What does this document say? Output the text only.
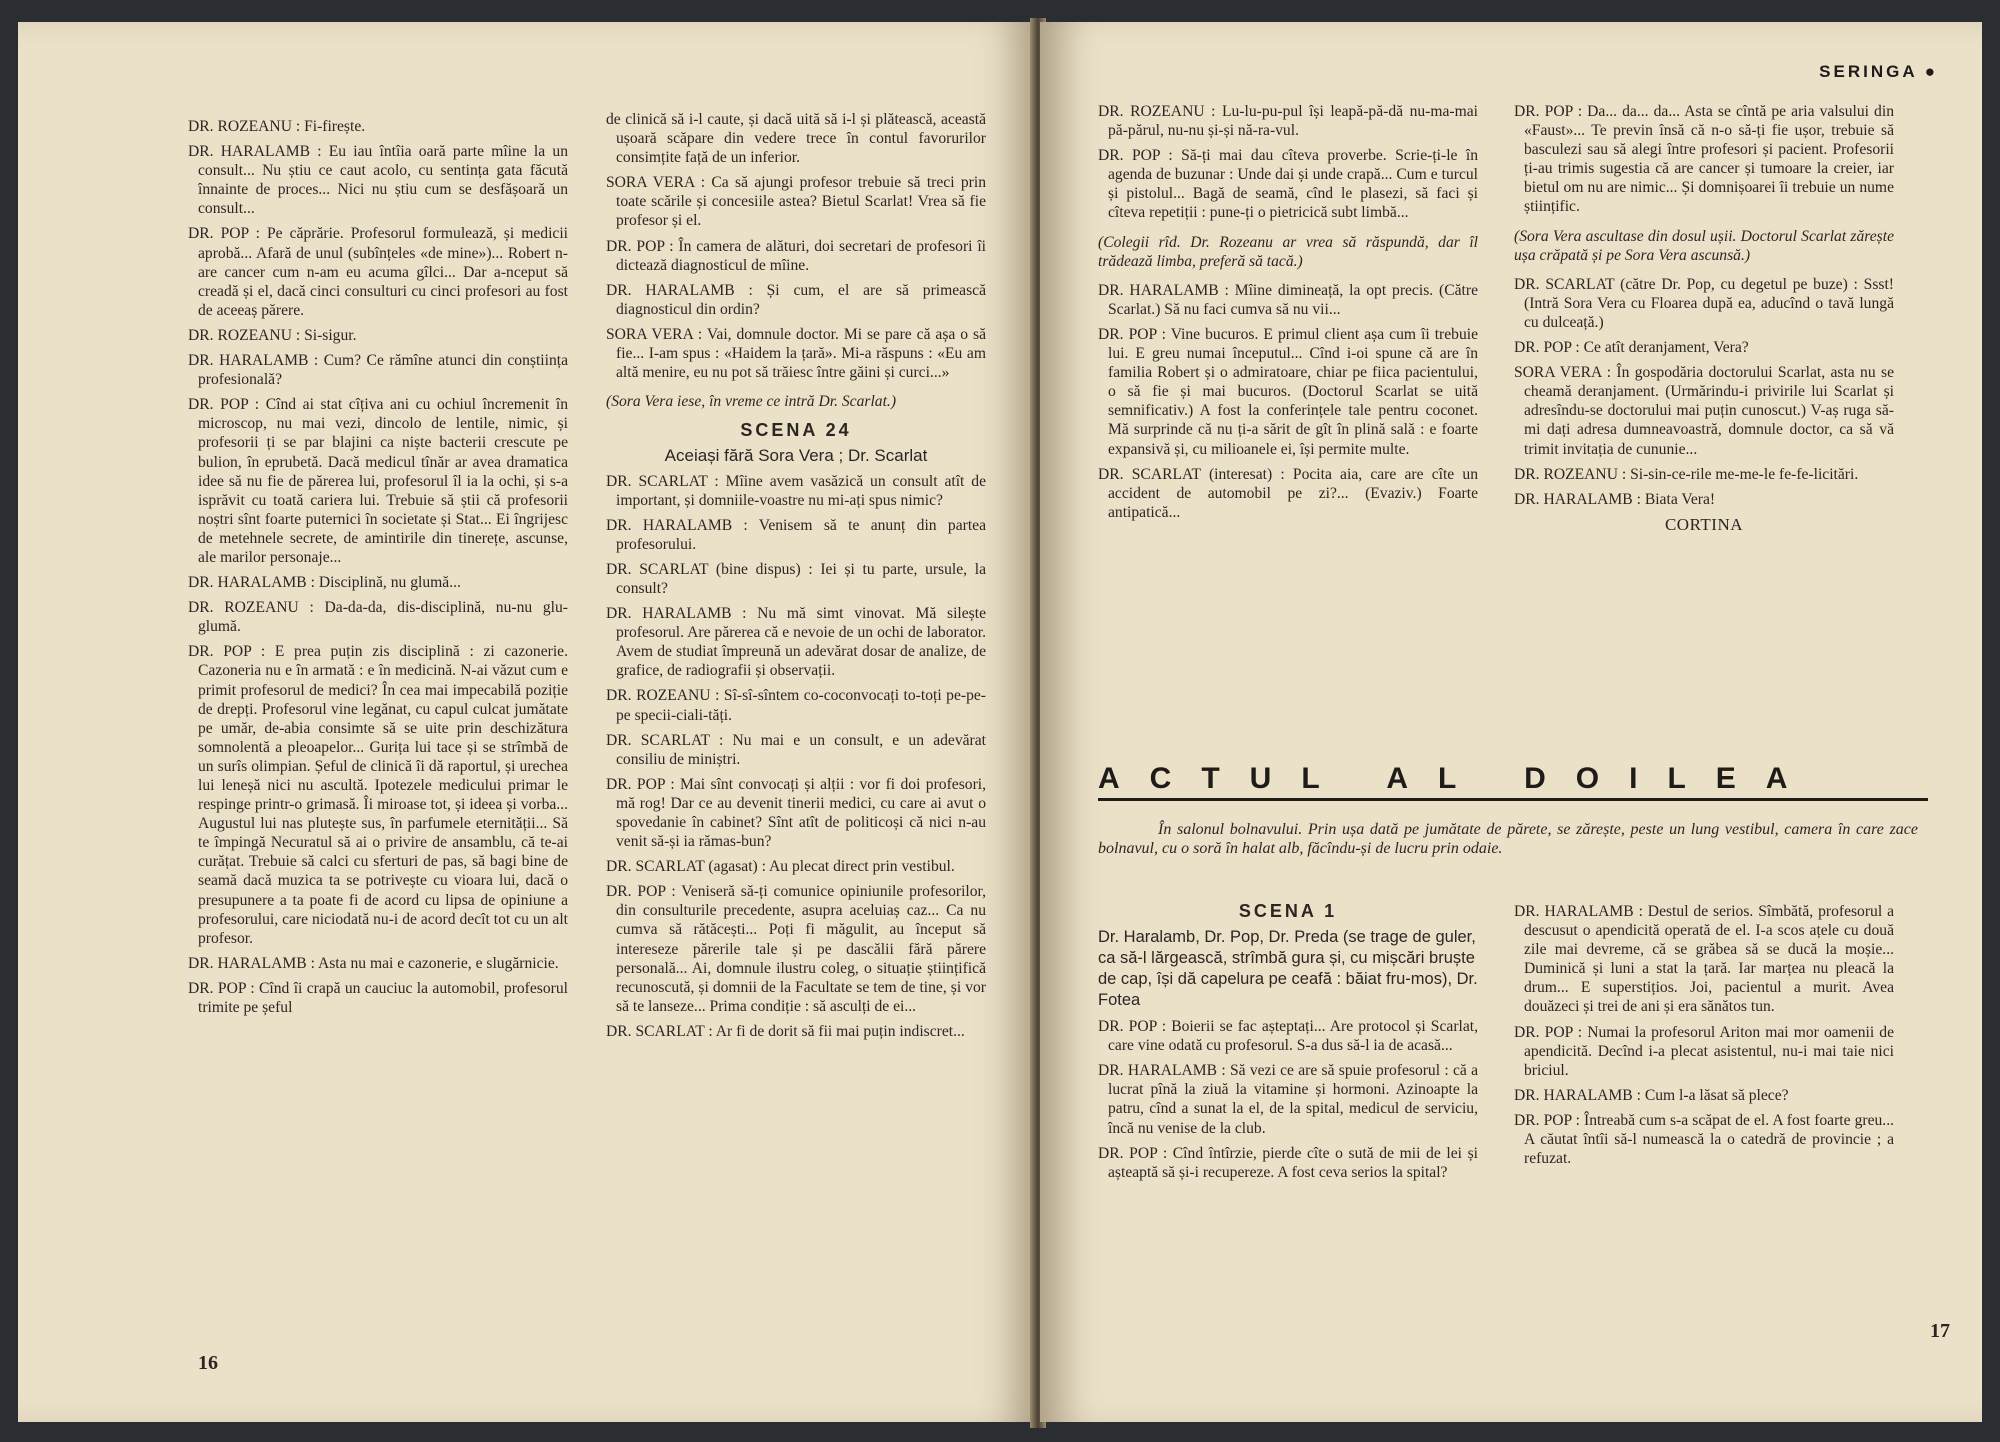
DR. ROZEANU : Fi-firește.

DR. HARALAMB : Eu iau întîia oară parte mîine la un consult... Nu știu ce caut acolo, cu sentința gata făcută înnainte de proces... Nici nu știu cum se desfășoară un consult...

DR. POP : Pe căprărie. Profesorul formulează, și medicii aprobă... Afară de unul (subînțeles «de mine»)... Robert n-are cancer cum n-am eu acuma gîlci... Dar a-nceput să creadă și el, dacă cinci consulturi cu cinci profesori au fost de aceeaș părere.

DR. ROZEANU : Si-sigur.

DR. HARALAMB : Cum? Ce rămîne atunci din conștiința profesională?

DR. POP : Cînd ai stat cîțiva ani cu ochiul încremenit în microscop, nu mai vezi, dincolo de lentile, nimic, și profesorii ți se par blajini ca niște bacterii crescute pe bulion, în eprubetă. Dacă medicul tînăr ar avea dramatica idee să nu fie de părerea lui, profesorul îl ia la ochi, și s-a isprăvit cu toată cariera lui. Trebuie să știi că profesorii noștri sînt foarte puternici în societate și Stat... Ei îngrijesc de metehnele secrete, de amintirile din tinerețe, ascunse, ale marilor personaje...

DR. HARALAMB : Disciplină, nu glumă...

DR. ROZEANU : Da-da-da, dis-disciplină, nu-nu glu-glumă.

DR. POP : E prea puțin zis disciplină : zi cazonerie. Cazoneria nu e în armată : e în medicină. N-ai văzut cum e primit profesorul de medici? În cea mai impecabilă poziție de drepți. Profesorul vine legănat, cu capul culcat jumătate pe umăr, de-abia consimte să se uite prin deschizătura somnolentă a pleoapelor... Gurița lui tace și se strîmbă de un surîs olimpian. Șeful de clinică îi dă raportul, și urechea lui leneșă nici nu ascultă. Ipotezele medicului primar le respinge printr-o grimasă. Îi miroase tot, și ideea și vorba... Augustul lui nas plutește sus, în parfumele eternității... Să te împingă Necuratul să ai o privire de ansamblu, că te-ai curățat. Trebuie să calci cu sferturi de pas, să bagi bine de seamă dacă muzica ta se potrivește cu vioara lui, dacă o presupunere a ta poate fi de acord cu lipsa de opiniune a profesorului, care niciodată nu-i de acord decît tot cu un alt profesor.

DR. HARALAMB : Asta nu mai e cazonerie, e slugărnicie.

DR. POP : Cînd îi crapă un cauciuc la automobil, profesorul trimite pe șeful

de clinică să i-l caute, și dacă uită să i-l și plătească, această ușoară scăpare din vedere trece în contul favorurilor consimțite față de un inferior.

SORA VERA : Ca să ajungi profesor trebuie să treci prin toate scările și concesiile astea? Bietul Scarlat! Vrea să fie profesor și el.

DR. POP : În camera de alături, doi secretari de profesori îi dictează diagnosticul de mîine.

DR. HARALAMB : Și cum, el are să primească diagnosticul din ordin?

SORA VERA : Vai, domnule doctor. Mi se pare că așa o să fie... I-am spus : «Haidem la țară». Mi-a răspuns : «Eu am altă menire, eu nu pot să trăiesc între găini și curci...»

(Sora Vera iese, în vreme ce intră Dr. Scarlat.)

SCENA 24

Aceiași fără Sora Vera ; Dr. Scarlat

DR. SCARLAT : Mîine avem vasăzică un consult atît de important, și domniile-voastre nu mi-ați spus nimic?

DR. HARALAMB : Venisem să te anunț din partea profesorului.

DR. SCARLAT (bine dispus) : Iei și tu parte, ursule, la consult?

DR. HARALAMB : Nu mă simt vinovat. Mă silește profesorul. Are părerea că e nevoie de un ochi de laborator. Avem de studiat împreună un adevărat dosar de analize, de grafice, de radiografii și observații.

DR. ROZEANU : Sî-sî-sîntem co-coconvocați to-toți pe-pe-pe specii-ciali-tăți.

DR. SCARLAT : Nu mai e un consult, e un adevărat consiliu de miniștri.

DR. POP : Mai sînt convocați și alții : vor fi doi profesori, mă rog! Dar ce au devenit tinerii medici, cu care ai avut o spovedanie în cabinet? Sînt atît de politicoși că nici n-au venit să-și ia rămas-bun?

DR. SCARLAT (agasat) : Au plecat direct prin vestibul.

DR. POP : Veniseră să-ți comunice opiniunile profesorilor, din consulturile precedente, asupra aceluiaș caz... Ca nu cumva să rătăcești... Poți fi măgulit, au început să intereseze părerile tale și pe dascălii fără părere personală... Ai, domnule ilustru coleg, o situație științifică recunoscută, și domnii de la Facultate se tem de tine, și vor să te lanseze... Prima condiție : să asculți de ei...

DR. SCARLAT : Ar fi de dorit să fii mai puțin indiscret...

16
SERINGA ●

DR. ROZEANU : Lu-lu-pu-pul își leapă-pă-dă nu-ma-mai pă-părul, nu-nu și-și nă-ra-vul.

DR. POP : Să-ți mai dau cîteva proverbe. Scrie-ți-le în agenda de buzunar : Unde dai și unde crapă... Cum e turcul și pistolul... Bagă de seamă, cînd le plasezi, să faci și cîteva repetiții : pune-ți o pietricică subt limbă...

(Colegii rîd. Dr. Rozeanu ar vrea să răspundă, dar îl trădează limba, preferă să tacă.)

DR. HARALAMB : Mîine dimineață, la opt precis. (Către Scarlat.) Să nu faci cumva să nu vii...

DR. POP : Vine bucuros. E primul client așa cum îi trebuie lui. E greu numai începutul... Cînd i-oi spune că are în familia Robert și o admiratoare, chiar pe fiica pacientului, o să fie și mai bucuros. (Doctorul Scarlat se uită semnificativ.) A fost la conferințele tale pentru coconet. Mă surprinde că nu ți-a sărit de gît în plină sală : e foarte expansivă și, cu milioanele ei, își permite multe.

DR. SCARLAT (interesat) : Pocita aia, care are cîte un accident de automobil pe zi?... (Evaziv.) Foarte antipatică...

DR. POP : Da... da... da... Asta se cîntă pe aria valsului din «Faust»... Te previn însă că n-o să-ți fie ușor, trebuie să basculezi sau să alegi între profesori și pacient. Profesorii ți-au trimis sugestia că are cancer și tumoare la creier, iar bietul om nu are nimic... Și domnișoarei îi trebuie un nume științific.

(Sora Vera ascultase din dosul ușii. Doctorul Scarlat zărește ușa crăpată și pe Sora Vera ascunsă.)

DR. SCARLAT (către Dr. Pop, cu degetul pe buze) : Ssst! (Intră Sora Vera cu Floarea după ea, aducînd o tavă lungă cu dulceață.)

DR. POP : Ce atît deranjament, Vera?

SORA VERA : În gospodăria doctorului Scarlat, asta nu se cheamă deranjament. (Urmărindu-i privirile lui Scarlat și adresîndu-se doctorului mai puțin cunoscut.) V-aș ruga să-mi dați adresa dumneavoastră, domnule doctor, ca să vă trimit invitația de cununie...

DR. ROZEANU : Si-sin-ce-rile me-me-le fe-fe-licitări.

DR. HARALAMB : Biata Vera!

CORTINA

ACTUL AL DOILEA
În salonul bolnavului. Prin ușa dată pe jumătate de părete, se zărește, peste un lung vestibul, camera în care zace bolnavul, cu o soră în halat alb, făcîndu-și de lucru prin odaie.

SCENA 1

Dr. Haralamb, Dr. Pop, Dr. Preda (se trage de guler, ca să-l lărgească, strîmbă gura și, cu mișcări bruște de cap, își dă capelura pe ceafă : băiat fru-mos), Dr. Fotea

DR. POP : Boierii se fac așteptați... Are protocol și Scarlat, care vine odată cu profesorul. S-a dus să-l ia de acasă...

DR. HARALAMB : Să vezi ce are să spuie profesorul : că a lucrat pînă la ziuă la vitamine și hormoni. Azinoapte la patru, cînd a sunat la el, de la spital, medicul de serviciu, încă nu venise de la club.

DR. POP : Cînd întîrzie, pierde cîte o sută de mii de lei și așteaptă să și-i recupereze. A fost ceva serios la spital?

DR. HARALAMB : Destul de serios. Sîmbătă, profesorul a descusut o apendicită operată de el. I-a scos ațele cu două zile mai devreme, că se grăbea să se ducă la moșie... Duminică și luni a stat la țară. Iar marțea nu pleacă la drum... E superstițios. Joi, pacientul a murit. Avea douăzeci și trei de ani și era sănătos tun.

DR. POP : Numai la profesorul Ariton mai mor oamenii de apendicită. Decînd i-a plecat asistentul, nu-i mai taie nici briciul.

DR. HARALAMB : Cum l-a lăsat să plece?

DR. POP : Întreabă cum s-a scăpat de el. A fost foarte greu... A căutat întîi să-l numească la o catedră de provincie ; a refuzat.

17
